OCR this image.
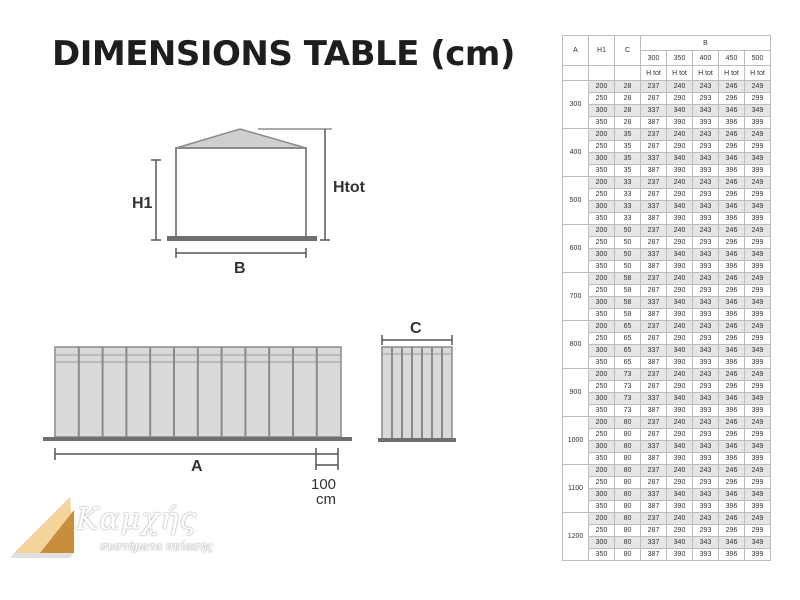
DIMENSIONS TABLE (cm)
H1
Htot
B
A
100
cm
C
Καμχής
συστήματα σκίασης
A	H1	C	B				
			300	350	400	450	500
			H tot	H tot	H tot	H tot	H tot
300	200	28	237	240	243	246	249
	250	28	287	290	293	296	299
	300	28	337	340	343	346	349
	350	28	387	390	393	396	399
400	200	35	237	240	243	246	249
	250	35	287	290	293	296	299
	300	35	337	340	343	346	349
	350	35	387	390	393	396	399
500	200	33	237	240	243	246	249
	250	33	287	290	293	296	299
	300	33	337	340	343	346	349
	350	33	387	390	393	396	399
600	200	50	237	240	243	246	249
	250	50	287	290	293	296	299
	300	50	337	340	343	346	349
	350	50	387	390	393	396	399
700	200	58	237	240	243	246	249
	250	58	287	290	293	296	299
	300	58	337	340	343	346	349
	350	58	387	390	393	396	399
800	200	65	237	240	243	246	249
	250	65	287	290	293	296	299
	300	65	337	340	343	346	349
	350	65	387	390	393	396	399
900	200	73	237	240	243	246	249
	250	73	287	290	293	296	299
	300	73	337	340	343	346	349
	350	73	387	390	393	396	399
1000	200	80	237	240	243	246	249
	250	80	287	290	293	296	299
	300	80	337	340	343	346	349
	350	80	387	390	393	396	399
1100	200	80	237	240	243	246	249
	250	80	287	290	293	296	299
	300	80	337	340	343	346	349
	350	80	387	390	393	396	399
1200	200	80	237	240	243	246	249
	250	80	287	290	293	296	299
	300	80	337	340	343	346	349
	350	80	387	390	393	396	399
